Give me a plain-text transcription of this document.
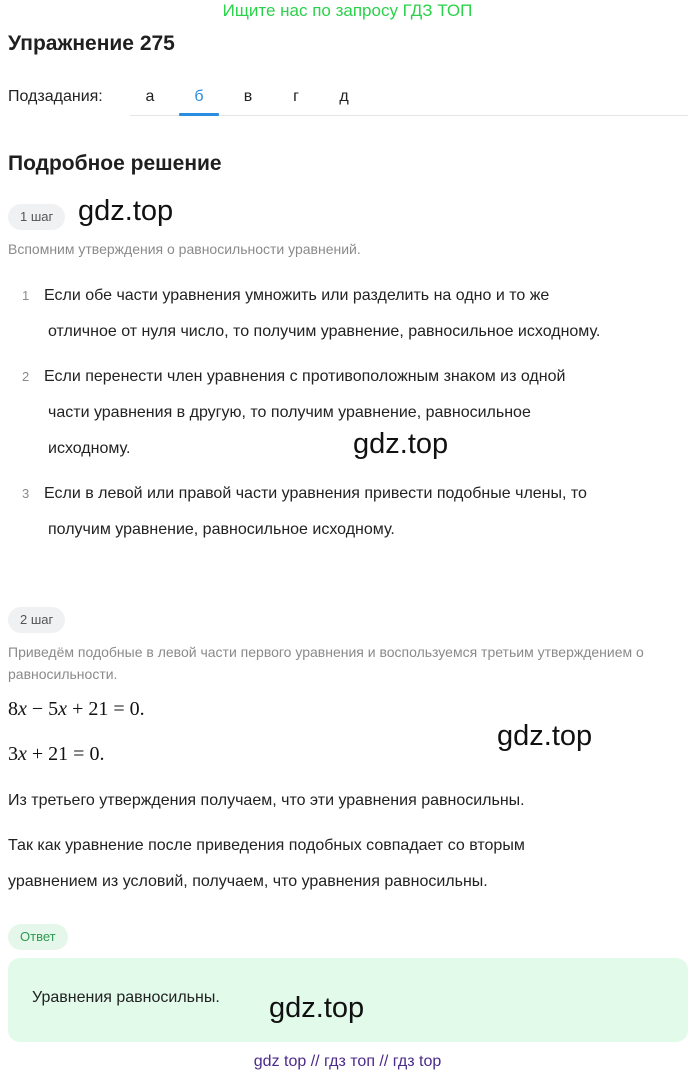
Ищите нас по запросу ГДЗ ТОП
Упражнение 275
Подзадания:	а	б	в	г	д
Подробное решение
1 шаг gdz.top
Вспомним утверждения о равносильности уравнений.
1 Если обе части уравнения умножить или разделить на одно и то же
отличное от нуля число, то получим уравнение, равносильное исходному.
2 Если перенести член уравнения с противоположным знаком из одной
части уравнения в другую, то получим уравнение, равносильное
исходному.	gdz.top
3 Если в левой или правой части уравнения привести подобные члены, то
получим уравнение, равносильное исходному.
2 шаг
Приведём подобные в левой части первого уравнения и воспользуемся третьим утверждением о равносильности.
8x − 5x + 21 = 0.
3x + 21 = 0.
gdz.top
Из третьего утверждения получаем, что эти уравнения равносильны.
Так как уравнение после приведения подобных совпадает со вторым
уравнением из условий, получаем, что уравнения равносильны.
Ответ
Уравнения равносильны. gdz.top
gdz top // гдз топ // гдз top
